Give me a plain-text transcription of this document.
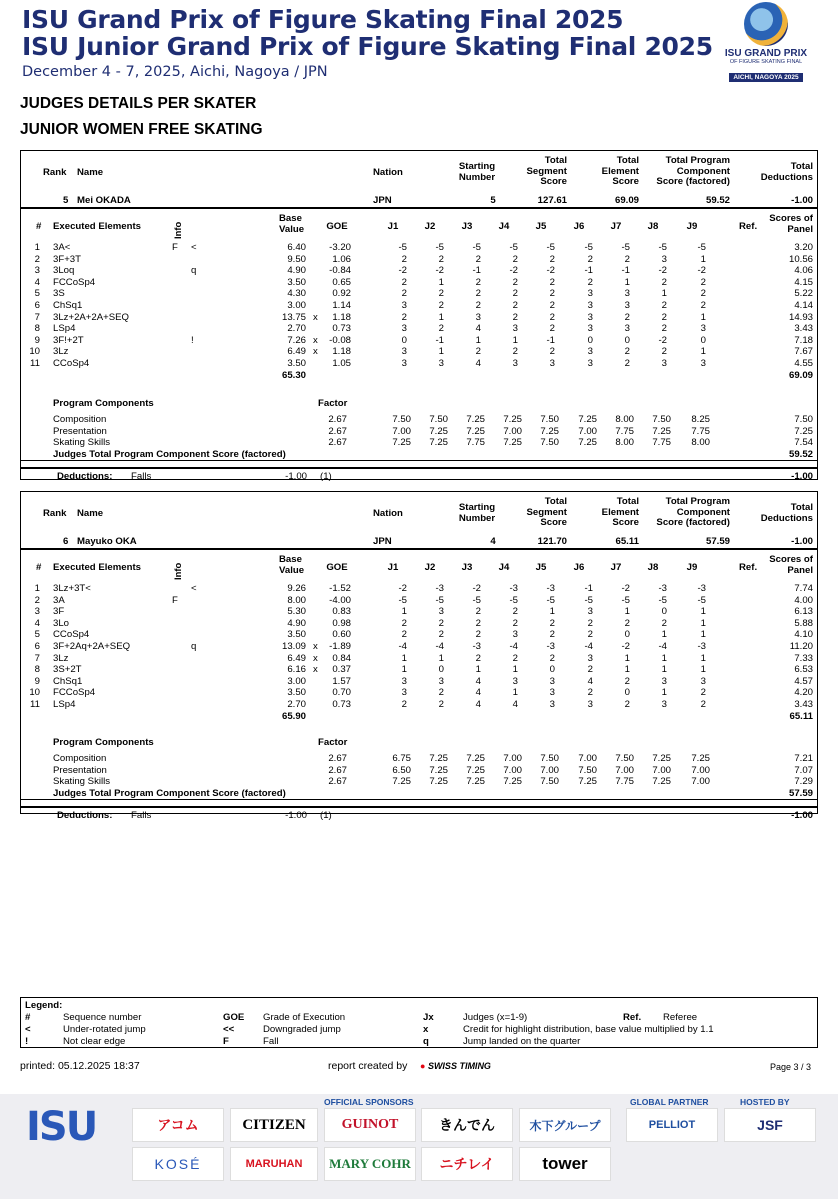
ISU Grand Prix of Figure Skating Final 2025
ISU Junior Grand Prix of Figure Skating Final 2025
December 4 - 7, 2025, Aichi, Nagoya / JPN
ISU GRAND PRIX
OF FIGURE SKATING FINAL
AICHI, NAGOYA 2025
JUDGES DETAILS PER SKATER
JUNIOR WOMEN FREE SKATING
Rank Name	Nation
Starting
Number
Total
Segment
Score
Total
Element
Score
Total Program
Component
Score (factored)
Total
Deductions
5 Mei OKADA	JPN	5	127.61	69.09	59.52	-1.00
# Executed Elements	Info
Base
Value	GOE	J1	J2	J3	J4	J5	J6	J7	J8	J9	Ref.
Scores of
Panel
1 3A<	F <	6.40 -3.20	-5	-5	-5	-5	-5	-5	-5	-5	-5	3.20
2 3F+3T	9.50	1.06	2	2	2	2	2	2	2	3	1	10.56
3 3Loq	q	4.90 -0.84	-2	-2	-1	-2	-2	-1	-1	-2	-2	4.06
4 FCCoSp4	3.50	0.65	2	1	2	2	2	2	1	2	2	4.15
5 3S	4.30	0.92	2	2	2	2	2	3	3	1	2	5.22
6 ChSq1	3.00	1.14	3	2	2	2	2	3	3	2	2	4.14
7 3Lz+2A+2A+SEQ	13.75 x 1.18	2	1	3	2	2	3	2	2	1	14.93
8 LSp4	2.70	0.73	3	2	4	3	2	3	3	2	3	3.43
9 3F!+2T	!	7.26 x -0.08	0	-1	1	1	-1	0	0	-2	0	7.18
10 3Lz	6.49 x 1.18	3	1	2	2	2	3	2	2	1	7.67
11 CCoSp4	3.50	1.05	3	3	4	3	3	3	2	3	3	4.55
65.30	69.09
Program Components	Factor
Composition	2.67	7.50 7.50 7.25 7.25 7.50 7.25 8.00 7.50 8.25	7.50
Presentation	2.67	7.00 7.25 7.25 7.00 7.25 7.00 7.75 7.25 7.75	7.25
Skating Skills	2.67	7.25 7.25 7.75 7.25 7.50 7.25 8.00 7.75 8.00	7.54
Judges Total Program Component Score (factored)	59.52
Deductions: Falls	-1.00 (1)	-1.00
Rank Name	Nation
Starting
Number
Total
Segment
Score
Total
Element
Score
Total Program
Component
Score (factored)
Total
Deductions
6 Mayuko OKA	JPN	4	121.70	65.11	57.59	-1.00
# Executed Elements	Info
Base
Value	GOE	J1	J2	J3	J4	J5	J6	J7	J8	J9	Ref.
Scores of
Panel
1 3Lz+3T<	<	9.26 -1.52	-2	-3	-2	-3	-3	-1	-2	-3	-3	7.74
2 3A	F	8.00 -4.00	-5	-5	-5	-5	-5	-5	-5	-5	-5	4.00
3 3F	5.30	0.83	1	3	2	2	1	3	1	0	1	6.13
4 3Lo	4.90	0.98	2	2	2	2	2	2	2	2	1	5.88
5 CCoSp4	3.50	0.60	2	2	2	3	2	2	0	1	1	4.10
6 3F+2Aq+2A+SEQ	q	13.09 x -1.89	-4	-4	-3	-4	-3	-4	-2	-4	-3	11.20
7 3Lz	6.49 x 0.84	1	1	2	2	2	3	1	1	1	7.33
8 3S+2T	6.16 x 0.37	1	0	1	1	0	2	1	1	1	6.53
9 ChSq1	3.00	1.57	3	3	4	3	3	4	2	3	3	4.57
10 FCCoSp4	3.50	0.70	3	2	4	1	3	2	0	1	2	4.20
11 LSp4	2.70	0.73	2	2	4	4	3	3	2	3	2	3.43
65.90	65.11
Program Components	Factor
Composition	2.67	6.75 7.25 7.25 7.00 7.50 7.00 7.50 7.25 7.25	7.21
Presentation	2.67	6.50 7.25 7.25 7.00 7.00 7.50 7.00 7.00 7.00	7.07
Skating Skills	2.67	7.25 7.25 7.25 7.25 7.50 7.25 7.75 7.25 7.00	7.29
Judges Total Program Component Score (factored)	57.59
Deductions: Falls	-1.00 (1)	-1.00
Legend:
#	Sequence number	GOE Grade of Execution	Jx	Judges (x=1-9)	Ref. Referee
<	Under-rotated jump	<<	Downgraded jump	x	Credit for highlight distribution, base value multiplied by 1.1
!	Not clear edge	F	Fall	q	Jump landed on the quarter
printed: 05.12.2025 18:37	report created by ● SWISS TIMING	Page 3 / 3
ISU
OFFICIAL SPONSORS	GLOBAL PARTNER	HOSTED BY
アコム	CITIZEN	GUINOT	きんでん	木下グループ
KOSÉ	MARUHAN	MARY COHR	ニチレイ	tower
PELLIOT	JSF
